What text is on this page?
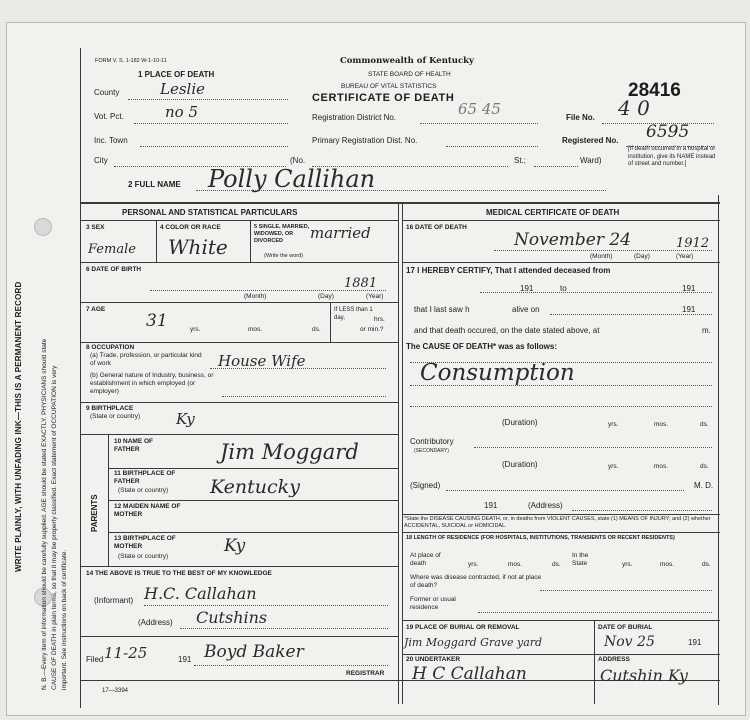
WRITE PLAINLY, WITH UNFADING INK—THIS IS A PERMANENT RECORD	N. B.—Every item of information should be carefully supplied. AGE should be stated EXACTLY. PHYSICIANS should state CAUSE OF DEATH in plain terms, so that it may be properly classified. Exact statement of OCCUPATION is very important. See instructions on back of certificate.
FORM V. S. 1-182 W-1-10-11	Commonwealth of Kentucky
STATE BOARD OF HEALTH
BUREAU OF VITAL STATISTICS
CERTIFICATE OF DEATH	28416
1 PLACE OF DEATH
County	Leslie
Vot. Pct.	no 5
Inc. Town
Registration District No.	65 45
Primary Registration Dist. No.
File No. 4 0
Registered No. 6595
City	(No.	St.;	Ward)
[If death occurred in a hospital or institution, give its NAME instead of street and number.]
2 FULL NAME Polly Callihan
PERSONAL AND STATISTICAL PARTICULARS	MEDICAL CERTIFICATE OF DEATH
3 SEX
Female
4 COLOR OR RACE
White
5 SINGLE, MARRIED, WIDOWED, OR DIVORCED
(Write the word)
married
6 DATE OF BIRTH
1881
(Month)	(Day)	(Year)
7 AGE
31	yrs.	mos.	ds.
If LESS than 1 day,	hrs.
or min.?
8 OCCUPATION
(a) Trade, profession, or particular kind of work
(b) General nature of Industry, business, or establishment in which employed (or employer)
House Wife
9 BIRTHPLACE
(State or country) Ky
PARENTS
10 NAME OF FATHER	Jim Moggard
11 BIRTHPLACE OF FATHER
(State or country) Kentucky
12 MAIDEN NAME OF MOTHER
13 BIRTHPLACE OF MOTHER
(State or country)
Ky
14 THE ABOVE IS TRUE TO THE BEST OF MY KNOWLEDGE
(Informant) H.C. Callahan
(Address) Cutshins
Filed 11-25	191 Boyd Baker
REGISTRAR
17—3394
16 DATE OF DEATH
November 24	1912
(Month)	(Day)	(Year)
17 I HEREBY CERTIFY, That I attended deceased from
191	to	191
that I last saw h	alive on	191
and that death occured, on the date stated above, at	m.
The CAUSE OF DEATH* was as follows:
Consumption
(Duration)	yrs.	mos.	ds.
Contributory
(SECONDARY)
(Duration)	yrs.	mos.	ds.
(Signed)	M. D.
191	(Address)
*State the DISEASE CAUSING DEATH, or, in deaths from VIOLENT CAUSES, state (1) MEANS OF INJURY; and (2) whether ACCIDENTAL, SUICIDAL or HOMICIDAL.
18 LENGTH OF RESIDENCE (FOR HOSPITALS, INSTITUTIONS, TRANSIENTS OR RECENT RESIDENTS)
At place of death	yrs.	mos.	ds.
In the State	yrs.	mos.	ds.
Where was disease contracted, if not at place of death?
Former or usual residence
19 PLACE OF BURIAL OR REMOVAL
Jim Moggard Grave yard
DATE OF BURIAL
Nov 25	191
20 UNDERTAKER
H C Callahan
ADDRESS
Cutshin Ky
